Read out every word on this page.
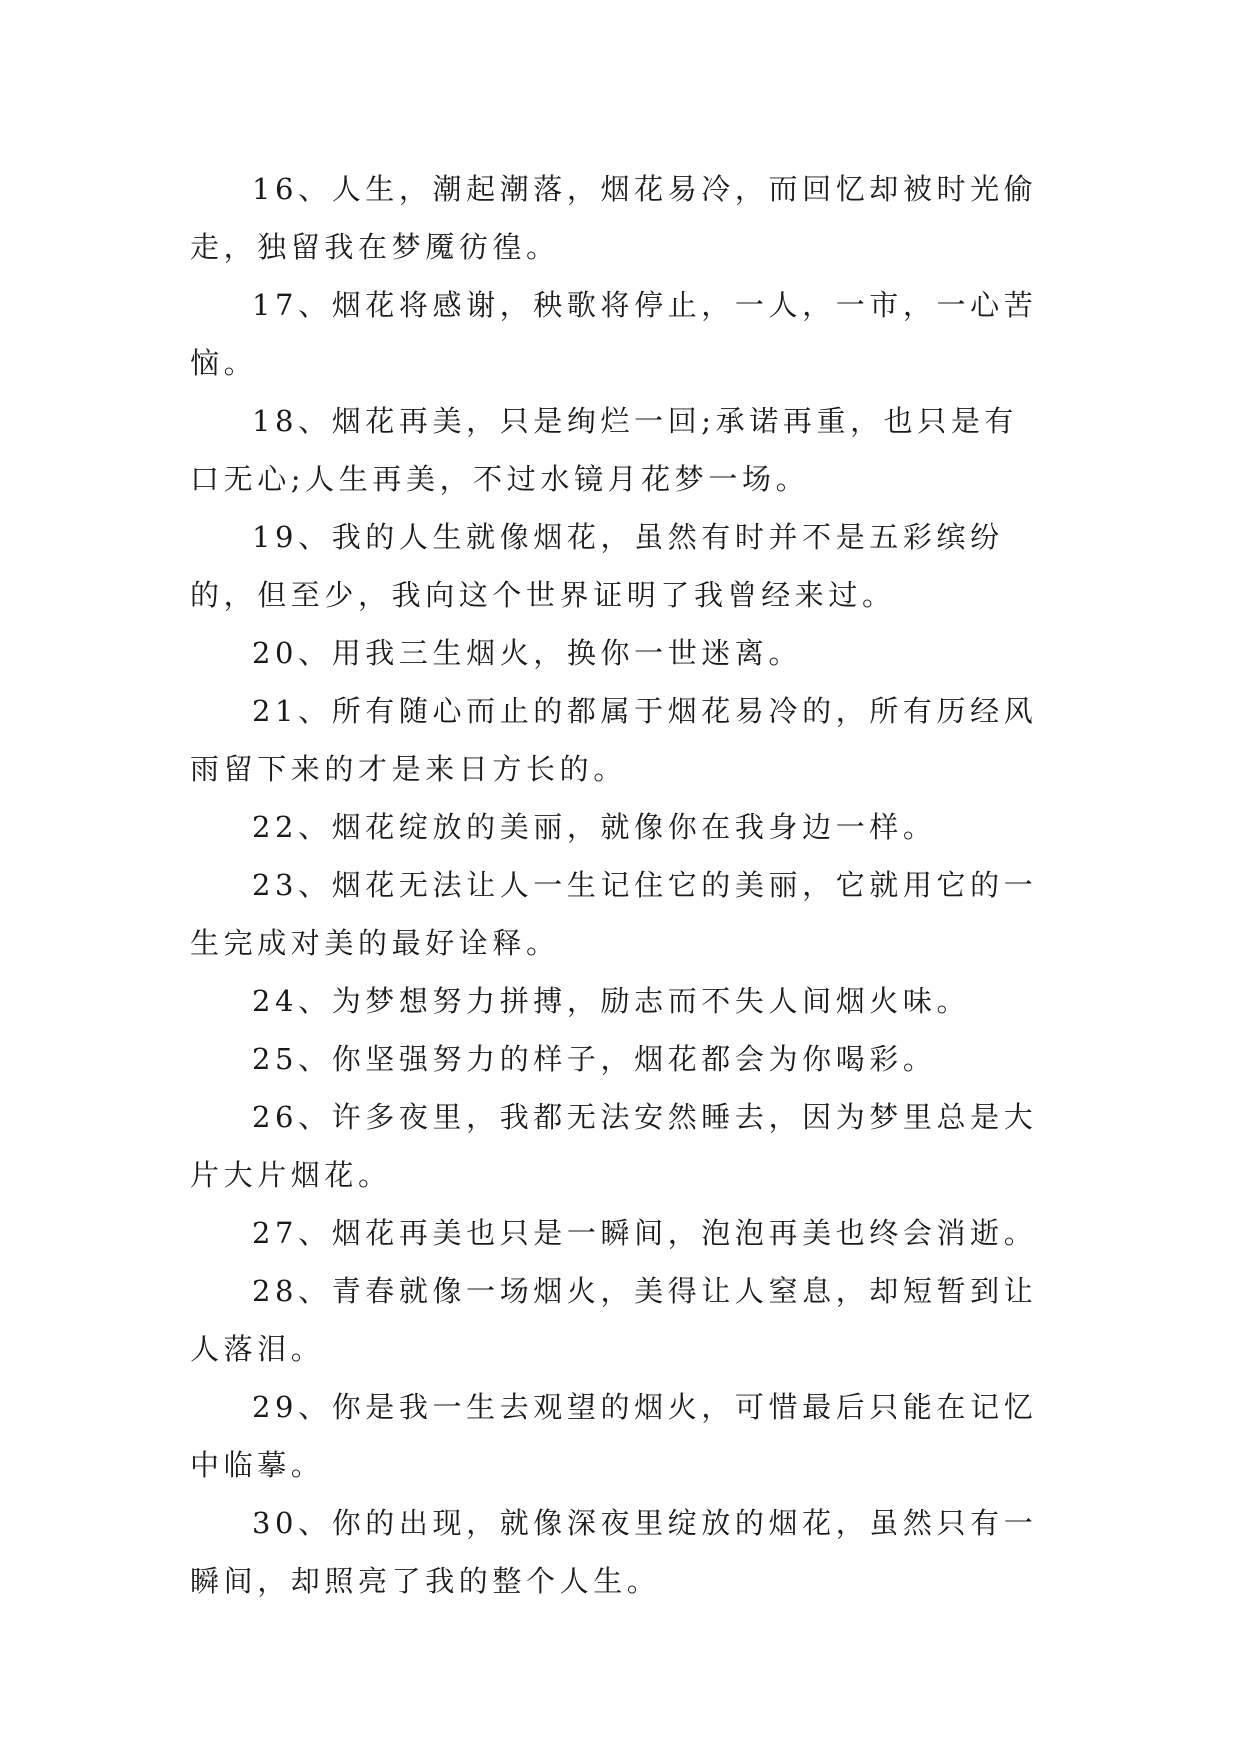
16、人生，潮起潮落，烟花易冷，而回忆却被时光偷走，独留我在梦魇彷徨。

17、烟花将感谢，秧歌将停止，一人，一市，一心苦恼。

18、烟花再美，只是绚烂一回;承诺再重，也只是有口无心;人生再美，不过水镜月花梦一场。

19、我的人生就像烟花，虽然有时并不是五彩缤纷的，但至少，我向这个世界证明了我曾经来过。

20、用我三生烟火，换你一世迷离。

21、所有随心而止的都属于烟花易冷的，所有历经风雨留下来的才是来日方长的。

22、烟花绽放的美丽，就像你在我身边一样。

23、烟花无法让人一生记住它的美丽，它就用它的一生完成对美的最好诠释。

24、为梦想努力拼搏，励志而不失人间烟火味。

25、你坚强努力的样子，烟花都会为你喝彩。

26、许多夜里，我都无法安然睡去，因为梦里总是大片大片烟花。

27、烟花再美也只是一瞬间，泡泡再美也终会消逝。

28、青春就像一场烟火，美得让人窒息，却短暂到让人落泪。

29、你是我一生去观望的烟火，可惜最后只能在记忆中临摹。

30、你的出现，就像深夜里绽放的烟花，虽然只有一瞬间，却照亮了我的整个人生。
